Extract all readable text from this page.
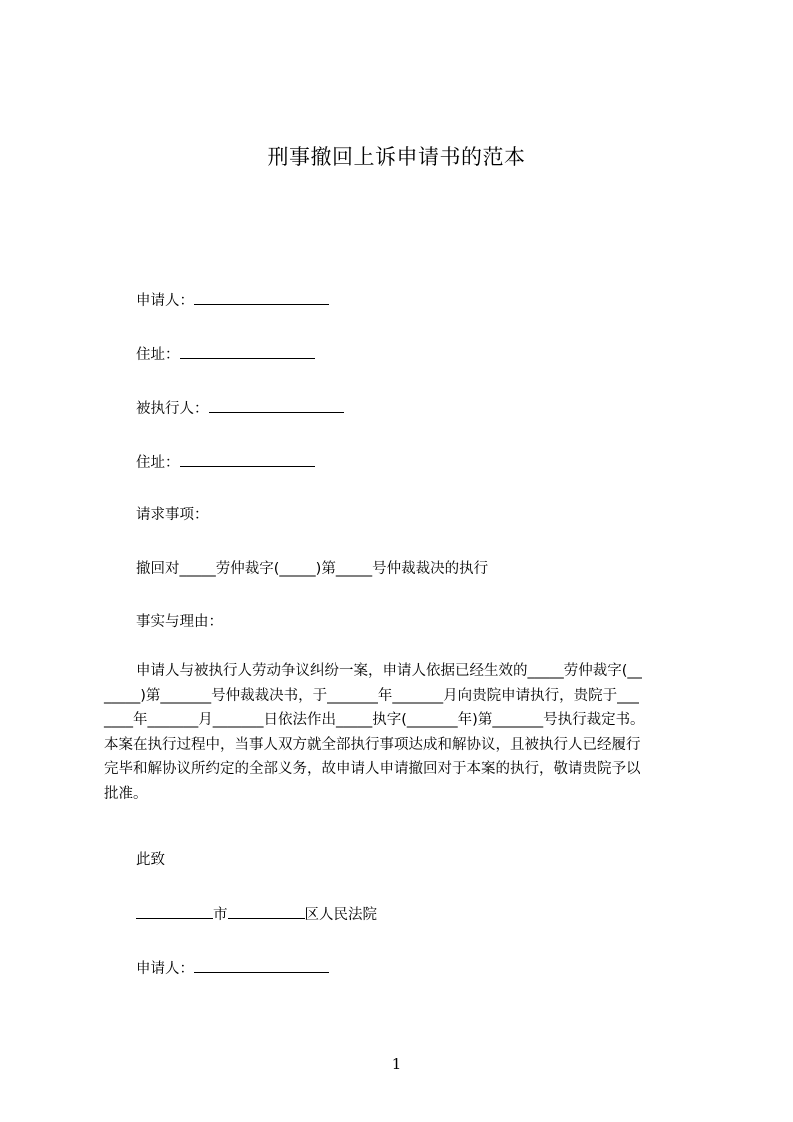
刑事撤回上诉申请书的范本
申请人：
住址：
被执行人：
住址：
请求事项：
撤回对_____劳仲裁字(_____)第_____号仲裁裁决的执行
事实与理由：
申请人与被执行人劳动争议纠纷一案，申请人依据已经生效的_____劳仲裁字(__
_____)第_______号仲裁裁决书，于_______年_______月向贵院申请执行，贵院于___
____年_______月_______日依法作出_____执字(_______年)第_______号执行裁定书。
本案在执行过程中，当事人双方就全部执行事项达成和解协议，且被执行人已经履行
完毕和解协议所约定的全部义务，故申请人申请撤回对于本案的执行，敬请贵院予以
批准。
此致
市	区人民法院
申请人：
1
